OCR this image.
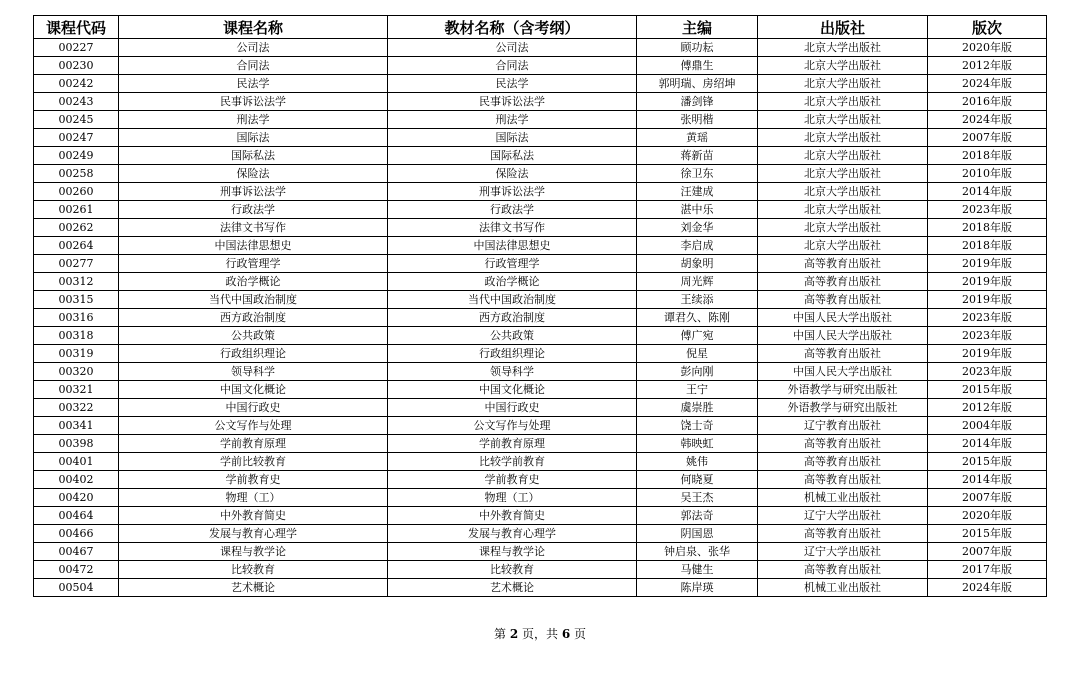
课程代码	课程名称	教材名称（含考纲）	主编	出版社	版次
00227	公司法	公司法	顾功耘	北京大学出版社	2020年版
00230	合同法	合同法	傅鼎生	北京大学出版社	2012年版
00242	民法学	民法学	郭明瑞、房绍坤	北京大学出版社	2024年版
00243	民事诉讼法学	民事诉讼法学	潘剑锋	北京大学出版社	2016年版
00245	刑法学	刑法学	张明楷	北京大学出版社	2024年版
00247	国际法	国际法	黄瑶	北京大学出版社	2007年版
00249	国际私法	国际私法	蒋新苗	北京大学出版社	2018年版
00258	保险法	保险法	徐卫东	北京大学出版社	2010年版
00260	刑事诉讼法学	刑事诉讼法学	汪建成	北京大学出版社	2014年版
00261	行政法学	行政法学	湛中乐	北京大学出版社	2023年版
00262	法律文书写作	法律文书写作	刘金华	北京大学出版社	2018年版
00264	中国法律思想史	中国法律思想史	李启成	北京大学出版社	2018年版
00277	行政管理学	行政管理学	胡象明	高等教育出版社	2019年版
00312	政治学概论	政治学概论	周光辉	高等教育出版社	2019年版
00315	当代中国政治制度	当代中国政治制度	王续添	高等教育出版社	2019年版
00316	西方政治制度	西方政治制度	谭君久、陈刚	中国人民大学出版社	2023年版
00318	公共政策	公共政策	傅广宛	中国人民大学出版社	2023年版
00319	行政组织理论	行政组织理论	倪星	高等教育出版社	2019年版
00320	领导科学	领导科学	彭向刚	中国人民大学出版社	2023年版
00321	中国文化概论	中国文化概论	王宁	外语教学与研究出版社	2015年版
00322	中国行政史	中国行政史	虞崇胜	外语教学与研究出版社	2012年版
00341	公文写作与处理	公文写作与处理	饶士奇	辽宁教育出版社	2004年版
00398	学前教育原理	学前教育原理	韩映虹	高等教育出版社	2014年版
00401	学前比较教育	比较学前教育	姚伟	高等教育出版社	2015年版
00402	学前教育史	学前教育史	何晓夏	高等教育出版社	2014年版
00420	物理（工）	物理（工）	吴王杰	机械工业出版社	2007年版
00464	中外教育简史	中外教育简史	郭法奇	辽宁大学出版社	2020年版
00466	发展与教育心理学	发展与教育心理学	阴国恩	高等教育出版社	2015年版
00467	课程与教学论	课程与教学论	钟启泉、张华	辽宁大学出版社	2007年版
00472	比较教育	比较教育	马健生	高等教育出版社	2017年版
00504	艺术概论	艺术概论	陈岸瑛	机械工业出版社	2024年版
第 2 页，共 6 页
